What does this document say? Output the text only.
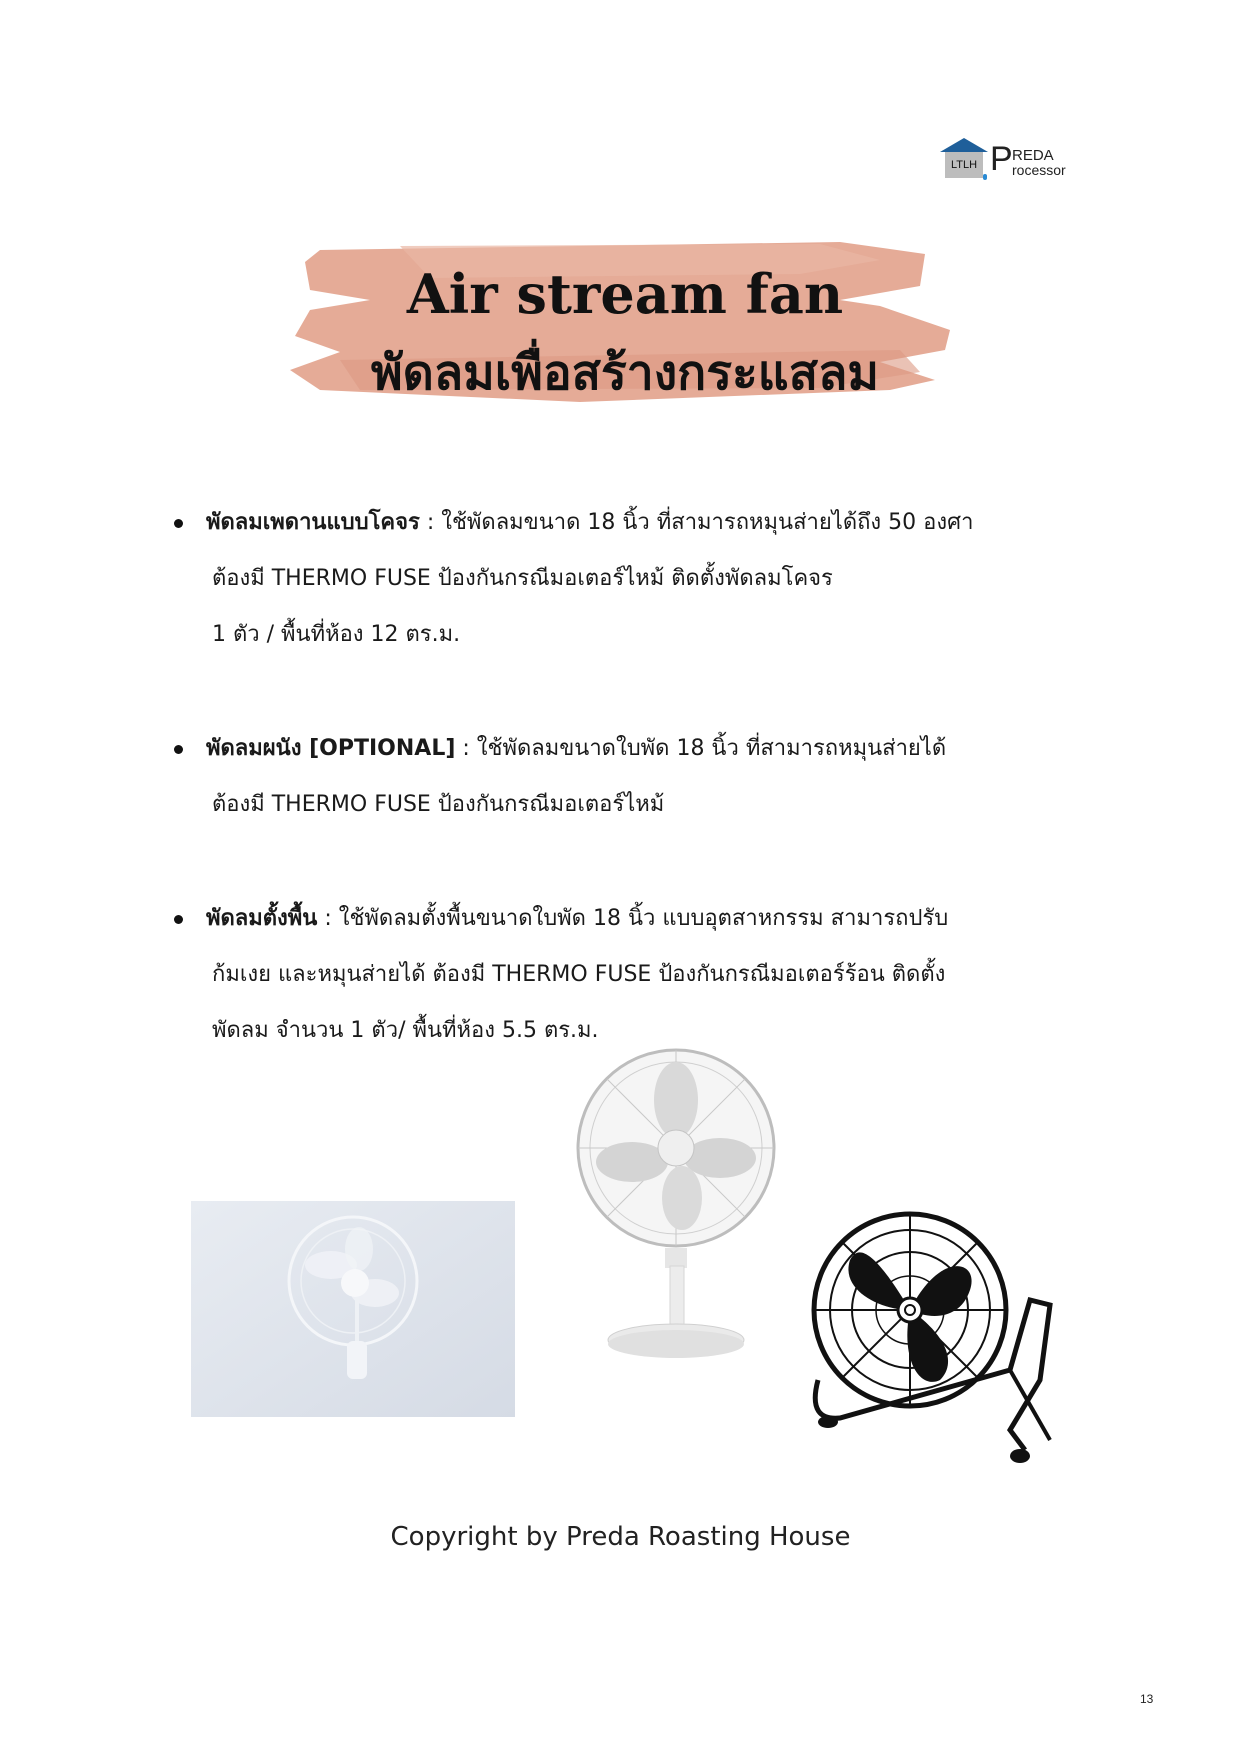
LTLH P REDA
rocessor
Air stream fan
พัดลมเพื่อสร้างกระแสลม
พัดลมเพดานแบบโคจร : ใช้พัดลมขนาด 18 นิ้ว ที่สามารถหมุนส่ายได้ถึง 50 องศา
ต้องมี THERMO FUSE ป้องกันกรณีมอเตอร์ไหม้ ติดตั้งพัดลมโคจร
1 ตัว / พื้นที่ห้อง 12 ตร.ม.
พัดลมผนัง [OPTIONAL] : ใช้พัดลมขนาดใบพัด 18 นิ้ว ที่สามารถหมุนส่ายได้
ต้องมี THERMO FUSE ป้องกันกรณีมอเตอร์ไหม้
พัดลมตั้งพื้น : ใช้พัดลมตั้งพื้นขนาดใบพัด 18 นิ้ว แบบอุตสาหกรรม สามารถปรับ
ก้มเงย และหมุนส่ายได้ ต้องมี THERMO FUSE ป้องกันกรณีมอเตอร์ร้อน ติดตั้ง
พัดลม จำนวน 1 ตัว/ พื้นที่ห้อง 5.5 ตร.ม.
Copyright by Preda Roasting House
13
